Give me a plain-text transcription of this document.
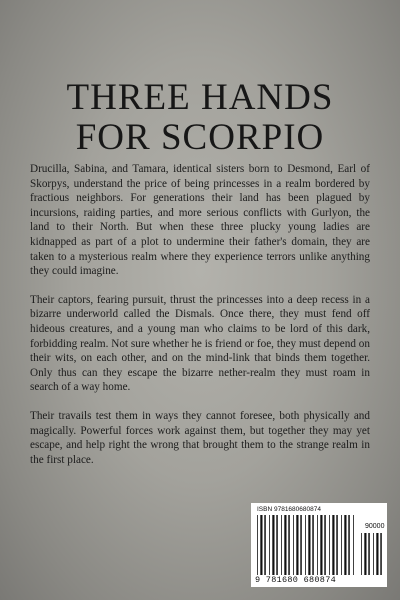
THREE HANDS
FOR SCORPIO

Drucilla, Sabina, and Tamara, identical sisters born to Desmond, Earl of Skorpys, understand the price of being princesses in a realm bordered by fractious neighbors. For generations their land has been plagued by incursions, raiding parties, and more serious conflicts with Gurlyon, the land to their North. But when these three plucky young ladies are kidnapped as part of a plot to undermine their father's domain, they are taken to a mysterious realm where they experience terrors unlike anything they could imagine.

Their captors, fearing pursuit, thrust the princesses into a deep recess in a bizarre underworld called the Dismals. Once there, they must fend off hideous creatures, and a young man who claims to be lord of this dark, forbidding realm. Not sure whether he is friend or foe, they must depend on their wits, on each other, and on the mind-link that binds them together. Only thus can they escape the bizarre nether-realm they must roam in search of a way home.

Their travails test them in ways they cannot foresee, both physically and magically. Powerful forces work against them, but together they may yet escape, and help right the wrong that brought them to the strange realm in the first place.

ISBN 9781680680874
90000
9 781680 680874
